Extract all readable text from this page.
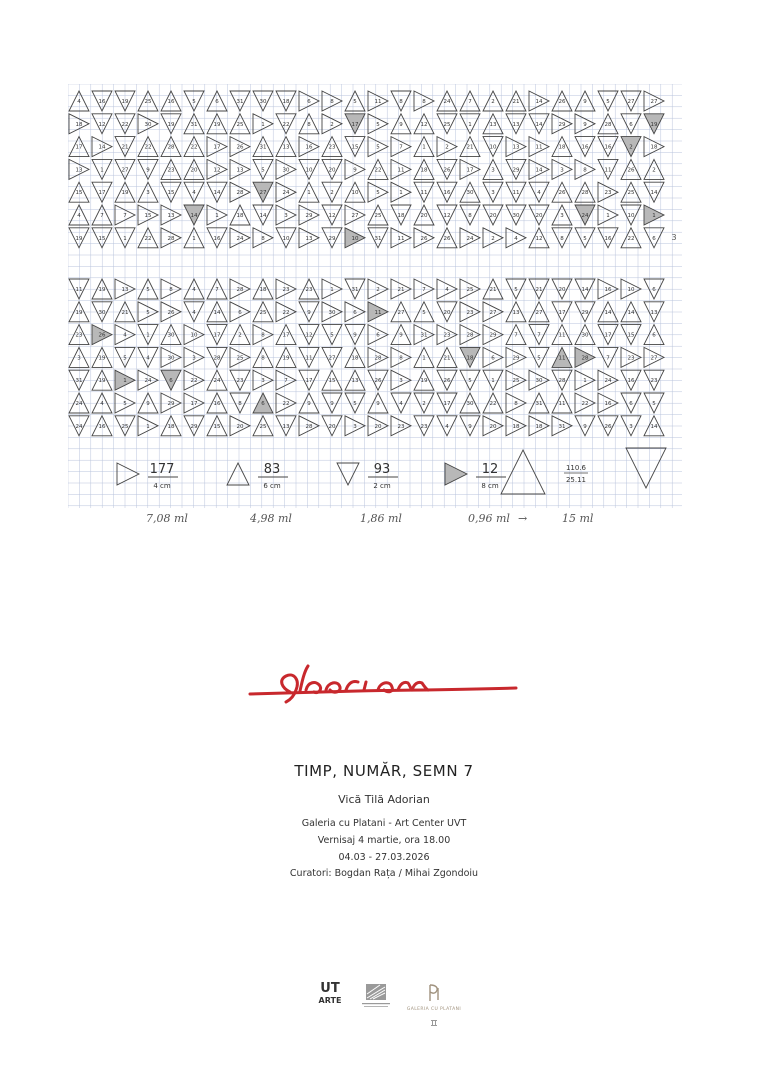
4	16	19	25	16	5	6	31	30	18	6	8	5	11	8	8	24	7	2	21	14	26	9	5	27	27
18	12	22	30	19	31	19	25	1	22	8	2	17	5	9	12	25	1	13	13	14	29	9	28	6	19
17	14	21	22	28	22	17	26	31	13	16	23	15	5	7	1	2	21	10	13	11	18	16	16	2	18
13	1	27	9	23	20	12	13	5	30	10	20	9	22	11	18	26	17	3	29	14	3	8	11	26	2
15	17	19	3	15	4	14	28	27	24	1	2	10	5	1	11	16	30	3	11	4	26	28	23	25	14
4	7	7	15	13	14	1	18	14	3	29	12	27	25	18	20	12	8	20	30	20	3	24	1	10	1
19	15	1	22	28	1	16	24	8	10	13	29	10	31	11	26	26	24	2	4	12	8	5	16	22	6
11	19	13	5	8	4	7	28	18	23	23	1	31	2	21	7	4	25	21	5	21	20	14	16	10	6
19	30	21	5	26	4	14	6	25	22	9	30	6	11	27	5	20	23	27	13	27	17	29	14	14	13
23	26	4	1	30	10	17	2	8	17	12	5	9	6	9	31	23	28	29	7	7	11	30	17	15	6
3	19	5	4	30	3	28	25	8	19	11	27	18	28	8	1	21	18	6	29	5	11	28	7	23	27
31	19	1	24	6	22	24	23	3	7	17	15	13	26	3	19	26	5	1	25	30	28	1	24	16	23
24	4	5	9	29	17	16	8	6	22	9	9	5	9	4	2	17	30	22	8	31	11	22	16	6	5
24	16	25	1	18	29	15	20	25	13	28	20	3	20	23	23	4	9	20	18	18	31	9	26	3	14
3
177
4 cm
83
6 cm
93
2 cm
12
8 cm
110.6
25.11
7,08 ml	4,98 ml	1,86 ml	0,96 ml →	15 ml
TIMP, NUMĂR, SEMN 7
Vică Tilă Adorian
Galeria cu Platani - Art Center UVT
Vernisaj 4 martie, ora 18.00
04.03 - 27.03.2026
Curatori: Bogdan Rața / Mihai Zgondoiu
UT
ARTE
GALERIA CU PLATANI
